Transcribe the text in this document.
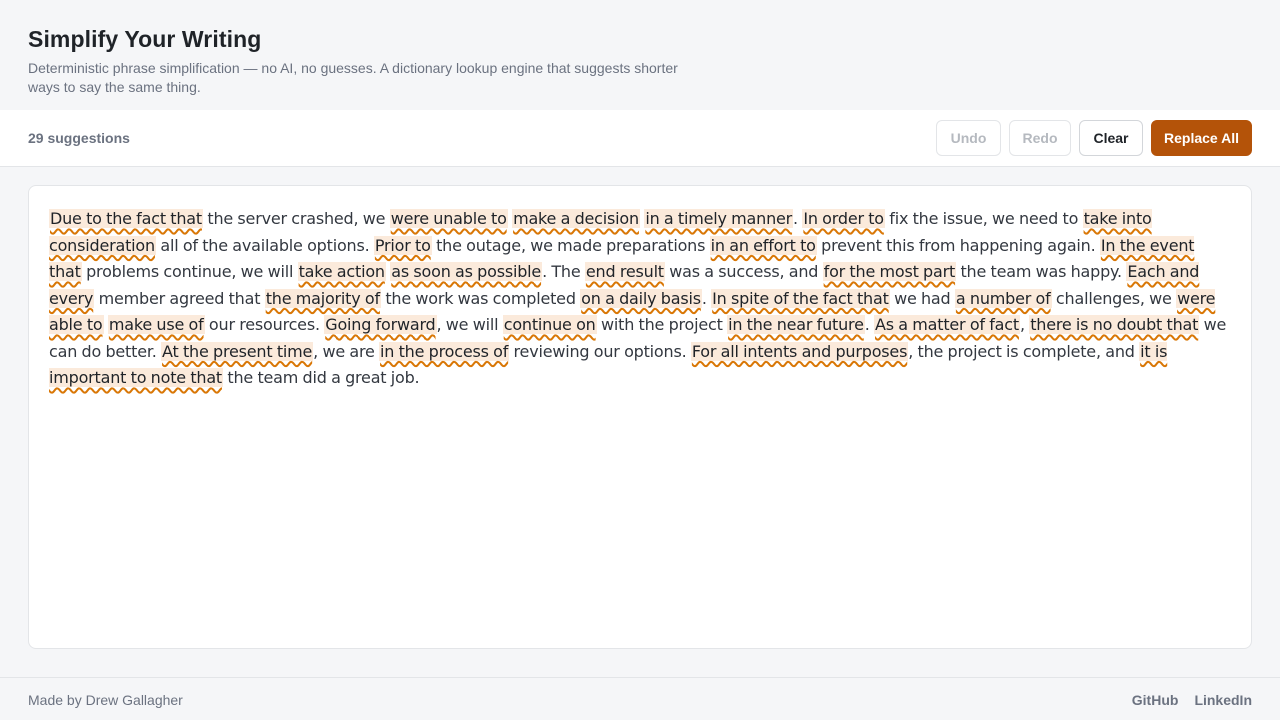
Simplify Your Writing

Deterministic phrase simplification — no AI, no guesses. A dictionary lookup engine that suggests shorter ways to say the same thing.

29 suggestions	Undo	Redo	Clear	Replace All
Due to the fact that the server crashed, we were unable to make a decision in a timely manner. In order to fix the issue, we need to take into consideration all of the available options. Prior to the outage, we made preparations in an effort to prevent this from happening again. In the event that problems continue, we will take action as soon as possible. The end result was a success, and for the most part the team was happy. Each and every member agreed that the majority of the work was completed on a daily basis. In spite of the fact that we had a number of challenges, we were able to make use of our resources. Going forward, we will continue on with the project in the near future. As a matter of fact, there is no doubt that we can do better. At the present time, we are in the process of reviewing our options. For all intents and purposes, the project is complete, and it is important to note that the team did a great job.
Made by Drew Gallagher	GitHub LinkedIn
